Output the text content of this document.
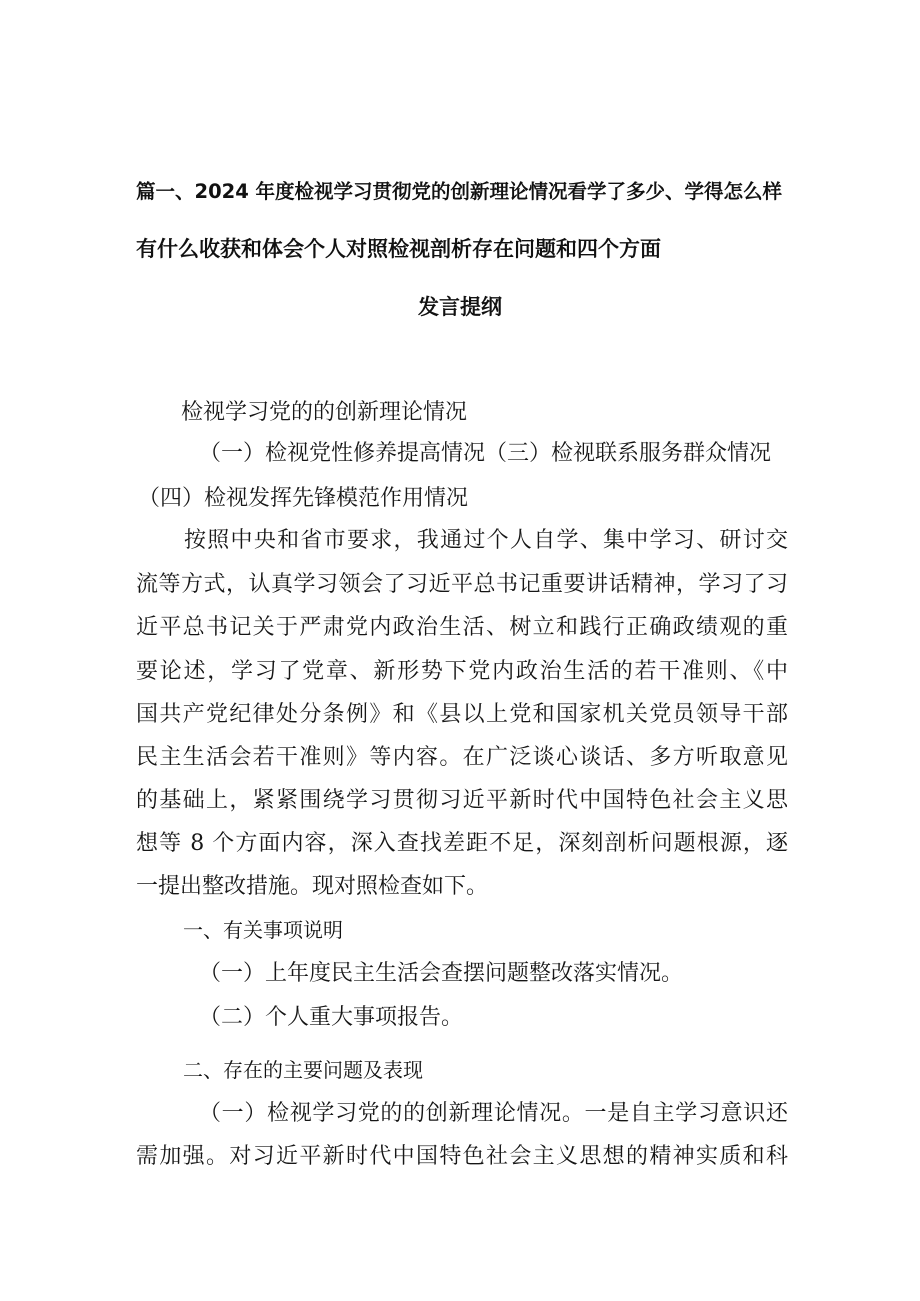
篇一、2024 年度检视学习贯彻党的创新理论情况看学了多少、学得怎么样
有什么收获和体会个人对照检视剖析存在问题和四个方面
发言提纲
检视学习党的的创新理论情况
（一）检视党性修养提高情况（三）检视联系服务群众情况
（四）检视发挥先锋模范作用情况
按照中央和省市要求，我通过个人自学、集中学习、研讨交
流等方式，认真学习领会了习近平总书记重要讲话精神，学习了习
近平总书记关于严肃党内政治生活、树立和践行正确政绩观的重
要论述，学习了党章、新形势下党内政治生活的若干准则、《中
国共产党纪律处分条例》和《县以上党和国家机关党员领导干部
民主生活会若干准则》等内容。在广泛谈心谈话、多方听取意见
的基础上，紧紧围绕学习贯彻习近平新时代中国特色社会主义思
想等 8 个方面内容，深入查找差距不足，深刻剖析问题根源，逐
一提出整改措施。现对照检查如下。
一、有关事项说明
（一）上年度民主生活会查摆问题整改落实情况。
（二）个人重大事项报告。
二、存在的主要问题及表现
（一）检视学习党的的创新理论情况。一是自主学习意识还
需加强。对习近平新时代中国特色社会主义思想的精神实质和科
